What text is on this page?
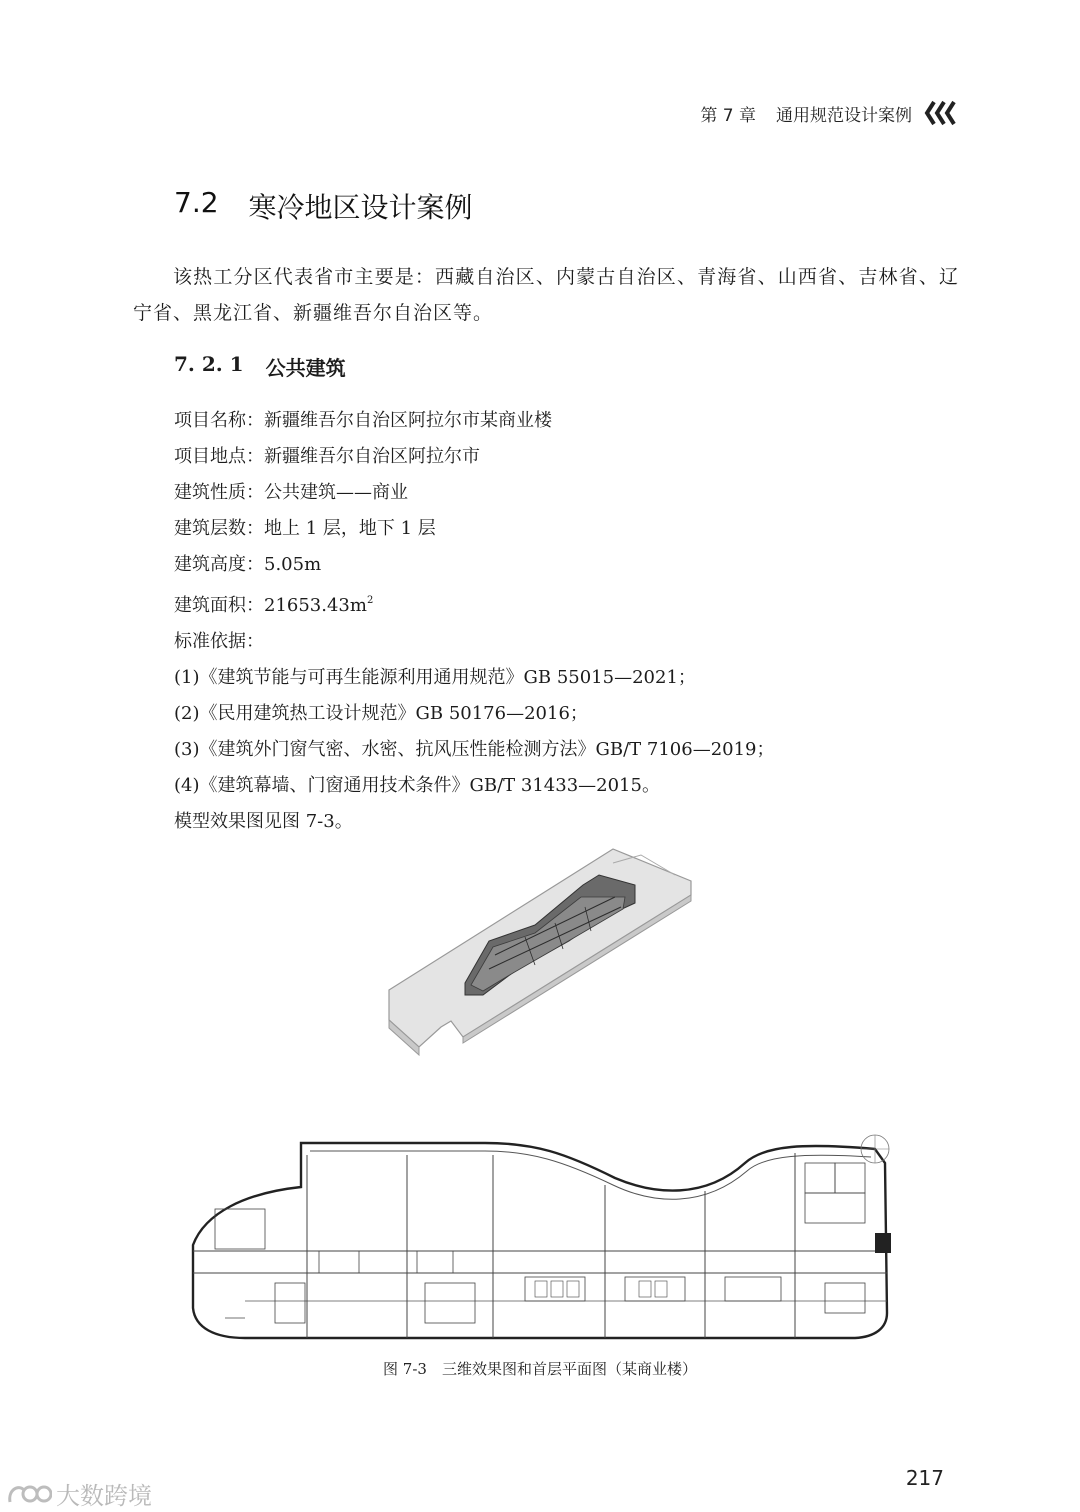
第 7 章 通用规范设计案例
7.2 寒冷地区设计案例
该热工分区代表省市主要是：西藏自治区、内蒙古自治区、青海省、山西省、吉林省、辽宁省、黑龙江省、新疆维吾尔自治区等。
7. 2. 1 公共建筑
项目名称：新疆维吾尔自治区阿拉尔市某商业楼
项目地点：新疆维吾尔自治区阿拉尔市
建筑性质：公共建筑——商业
建筑层数：地上 1 层，地下 1 层
建筑高度：5.05m
建筑面积：$21653.43m^2$
标准依据：
(1)《建筑节能与可再生能源利用通用规范》GB 55015—2021；
(2)《民用建筑热工设计规范》GB 50176—2016；
(3)《建筑外门窗气密、水密、抗风压性能检测方法》GB/T 7106—2019；
(4)《建筑幕墙、门窗通用技术条件》GB/T 31433—2015。
模型效果图见图 7-3。
图 7-3　三维效果图和首层平面图（某商业楼）
217
大数跨境
